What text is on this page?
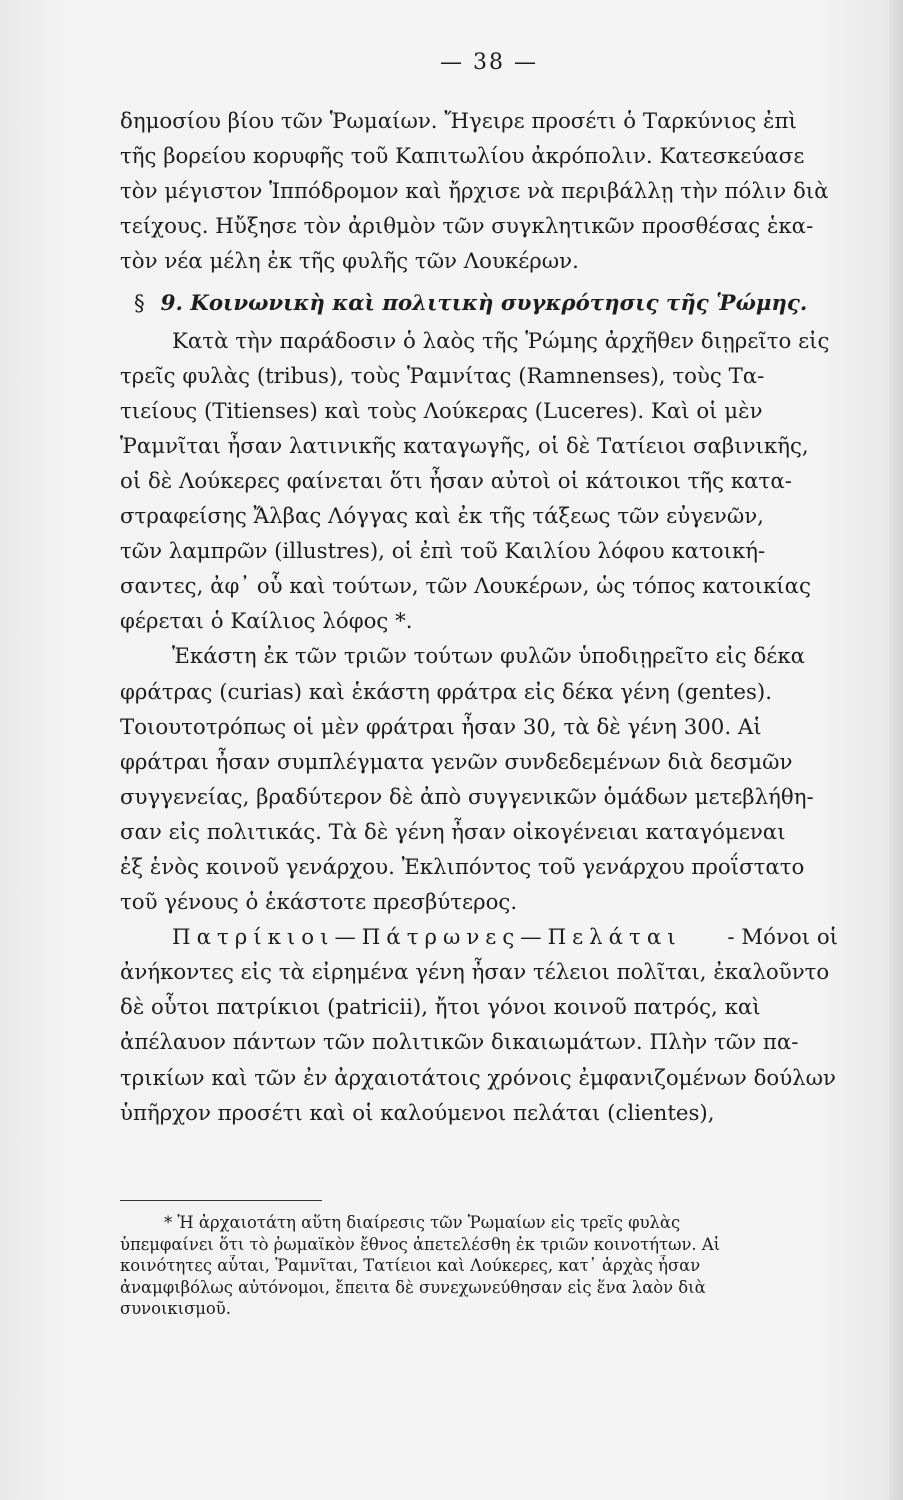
— 38 —
δημοσίου βίου τῶν Ῥωμαίων. Ἤγειρε προσέτι ὁ Ταρκύνιος ἐπὶ
τῆς βορείου κορυφῆς τοῦ Καπιτωλίου ἀκρόπολιν. Κατεσκεύασε
τὸν μέγιστον Ἱππόδρομον καὶ ἤρχισε νὰ περιβάλλῃ τὴν πόλιν διὰ
τείχους. Ηὔξησε τὸν ἀριθμὸν τῶν συγκλητικῶν προσθέσας ἑκα-
τὸν νέα μέλη ἐκ τῆς φυλῆς τῶν Λουκέρων.
§ 9. Κοινωνικὴ καὶ πολιτικὴ συγκρότησις τῆς Ῥώμης.
Κατὰ τὴν παράδοσιν ὁ λαὸς τῆς Ῥώμης ἀρχῆθεν διῃρεῖτο εἰς
τρεῖς φυλὰς (tribus), τοὺς Ῥαμνίτας (Ramnenses), τοὺς Τα-
τιείους (Titienses) καὶ τοὺς Λούκερας (Luceres). Καὶ οἱ μὲν
Ῥαμνῖται ἦσαν λατινικῆς καταγωγῆς, οἱ δὲ Τατίειοι σαβινικῆς,
οἱ δὲ Λούκερες φαίνεται ὅτι ἦσαν αὐτοὶ οἱ κάτοικοι τῆς κατα-
στραφείσης Ἄλβας Λόγγας καὶ ἐκ τῆς τάξεως τῶν εὐγενῶν,
τῶν λαμπρῶν (illustres), οἱ ἐπὶ τοῦ Καιλίου λόφου κατοική-
σαντες, ἀφ᾽ οὗ καὶ τούτων, τῶν Λουκέρων, ὡς τόπος κατοικίας
φέρεται ὁ Καίλιος λόφος *.
Ἑκάστη ἐκ τῶν τριῶν τούτων φυλῶν ὑποδιῃρεῖτο εἰς δέκα
φράτρας (curias) καὶ ἑκάστη φράτρα εἰς δέκα γένη (gentes).
Τοιουτοτρόπως οἱ μὲν φράτραι ἦσαν 30, τὰ δὲ γένη 300. Αἱ
φράτραι ἦσαν συμπλέγματα γενῶν συνδεδεμένων διὰ δεσμῶν
συγγενείας, βραδύτερον δὲ ἀπὸ συγγενικῶν ὁμάδων μετεβλήθη-
σαν εἰς πολιτικάς. Τὰ δὲ γένη ἦσαν οἰκογένειαι καταγόμεναι
ἐξ ἑνὸς κοινοῦ γενάρχου. Ἐκλιπόντος τοῦ γενάρχου προΐστατο
τοῦ γένους ὁ ἑκάστοτε πρεσβύτερος.
Πατρίκιοι—Πάτρωνες—Πελάται - Μόνοι οἱ
ἀνήκοντες εἰς τὰ εἰρημένα γένη ἦσαν τέλειοι πολῖται, ἐκαλοῦντο
δὲ οὗτοι πατρίκιοι (patricii), ἤτοι γόνοι κοινοῦ πατρός, καὶ
ἀπέλαυον πάντων τῶν πολιτικῶν δικαιωμάτων. Πλὴν τῶν πα-
τρικίων καὶ τῶν ἐν ἀρχαιοτάτοις χρόνοις ἐμφανιζομένων δούλων
ὑπῆρχον προσέτι καὶ οἱ καλούμενοι πελάται (clientes),
* Ἡ ἀρχαιοτάτη αὕτη διαίρεσις τῶν Ῥωμαίων εἰς τρεῖς φυλὰς
ὑπεμφαίνει ὅτι τὸ ῥωμαϊκὸν ἔθνος ἀπετελέσθη ἐκ τριῶν κοινοτήτων. Αἱ
κοινότητες αὗται, Ῥαμνῖται, Τατίειοι καὶ Λούκερες, κατ᾽ ἀρχὰς ἦσαν
ἀναμφιβόλως αὐτόνομοι, ἔπειτα δὲ συνεχωνεύθησαν εἰς ἕνα λαὸν διὰ
συνοικισμοῦ.
